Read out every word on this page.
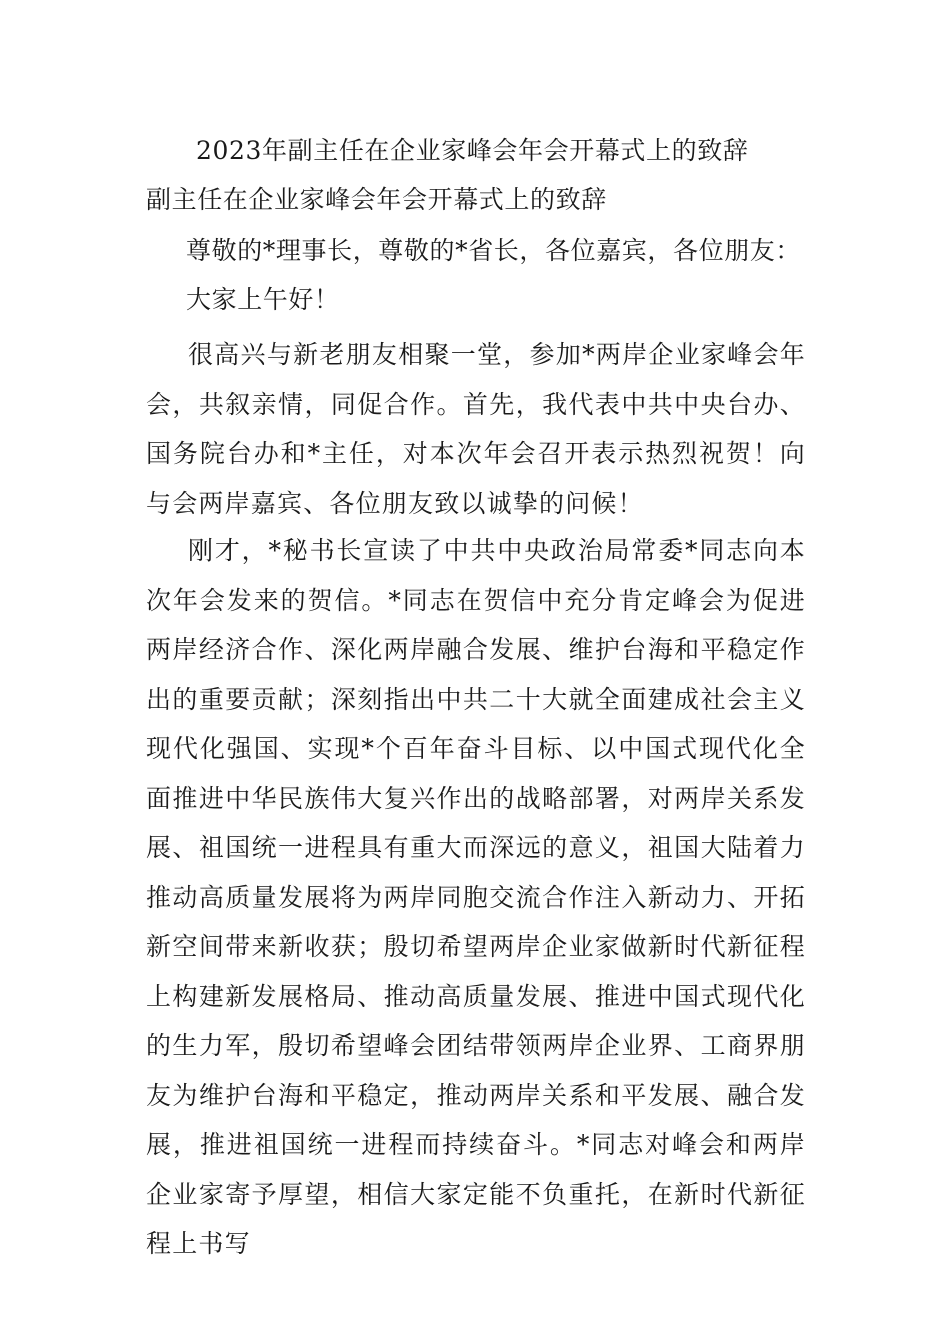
2023年副主任在企业家峰会年会开幕式上的致辞
副主任在企业家峰会年会开幕式上的致辞
尊敬的*理事长，尊敬的*省长，各位嘉宾，各位朋友：
大家上午好！

很高兴与新老朋友相聚一堂，参加*两岸企业家峰会年会，共叙亲情，同促合作。首先，我代表中共中央台办、国务院台办和*主任，对本次年会召开表示热烈祝贺！向与会两岸嘉宾、各位朋友致以诚挚的问候！

刚才，*秘书长宣读了中共中央政治局常委*同志向本次年会发来的贺信。*同志在贺信中充分肯定峰会为促进两岸经济合作、深化两岸融合发展、维护台海和平稳定作出的重要贡献；深刻指出中共二十大就全面建成社会主义现代化强国、实现*个百年奋斗目标、以中国式现代化全面推进中华民族伟大复兴作出的战略部署，对两岸关系发展、祖国统一进程具有重大而深远的意义，祖国大陆着力推动高质量发展将为两岸同胞交流合作注入新动力、开拓新空间带来新收获；殷切希望两岸企业家做新时代新征程上构建新发展格局、推动高质量发展、推进中国式现代化的生力军，殷切希望峰会团结带领两岸企业界、工商界朋友为维护台海和平稳定，推动两岸关系和平发展、融合发展，推进祖国统一进程而持续奋斗。*同志对峰会和两岸企业家寄予厚望，相信大家定能不负重托，在新时代新征程上书写
